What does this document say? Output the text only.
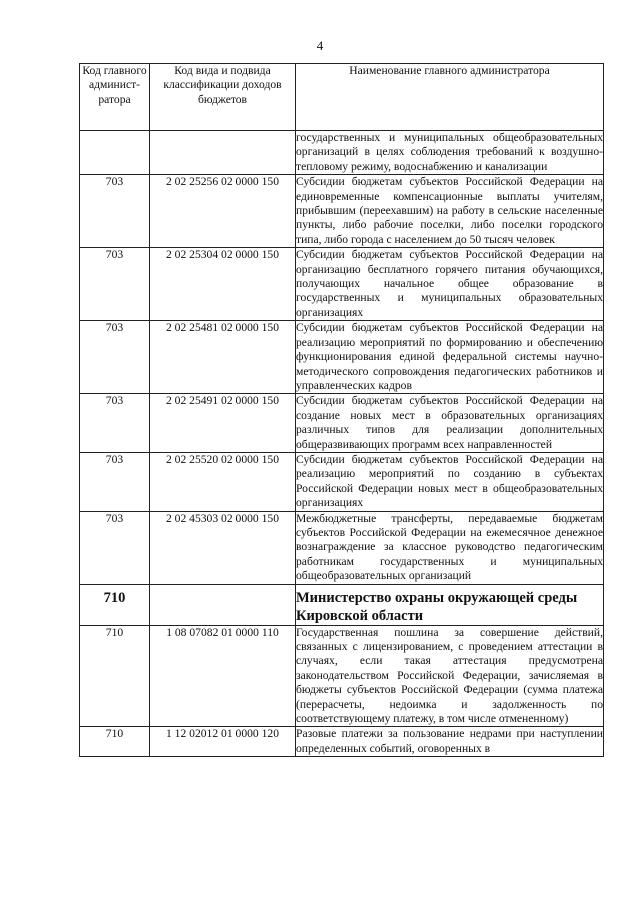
4
Код главного админист-ратора	Код вида и подвида классификации доходов бюджетов	Наименование главного администратора
		государственных и муниципальных общеобразовательных организаций в целях соблюдения требований к воздушно-тепловому режиму, водоснабжению и канализации
703	2 02 25256 02 0000 150	Субсидии бюджетам субъектов Российской Федерации на единовременные компенсационные выплаты учителям, прибывшим (переехавшим) на работу в сельские населенные пункты, либо рабочие поселки, либо поселки городского типа, либо города с населением до 50 тысяч человек
703	2 02 25304 02 0000 150	Субсидии бюджетам субъектов Российской Федерации на организацию бесплатного горячего питания обучающихся, получающих начальное общее образование в государственных и муниципальных образовательных организациях
703	2 02 25481 02 0000 150	Субсидии бюджетам субъектов Российской Федерации на реализацию мероприятий по формированию и обеспечению функционирования единой федеральной системы научно-методического сопровождения педагогических работников и управленческих кадров
703	2 02 25491 02 0000 150	Субсидии бюджетам субъектов Российской Федерации на создание новых мест в образовательных организациях различных типов для реализации дополнительных общеразвивающих программ всех направленностей
703	2 02 25520 02 0000 150	Субсидии бюджетам субъектов Российской Федерации на реализацию мероприятий по созданию в субъектах Российской Федерации новых мест в общеобразовательных организациях
703	2 02 45303 02 0000 150	Межбюджетные трансферты, передаваемые бюджетам субъектов Российской Федерации на ежемесячное денежное вознаграждение за классное руководство педагогическим работникам государственных и муниципальных общеобразовательных организаций
710		Министерство охраны окружающей среды Кировской области
710	1 08 07082 01 0000 110	Государственная пошлина за совершение действий, связанных с лицензированием, с проведением аттестации в случаях, если такая аттестация предусмотрена законодательством Российской Федерации, зачисляемая в бюджеты субъектов Российской Федерации (сумма платежа (перерасчеты, недоимка и задолженность по соответствующему платежу, в том числе отмененному)
710	1 12 02012 01 0000 120	Разовые платежи за пользование недрами при наступлении определенных событий, оговоренных в
